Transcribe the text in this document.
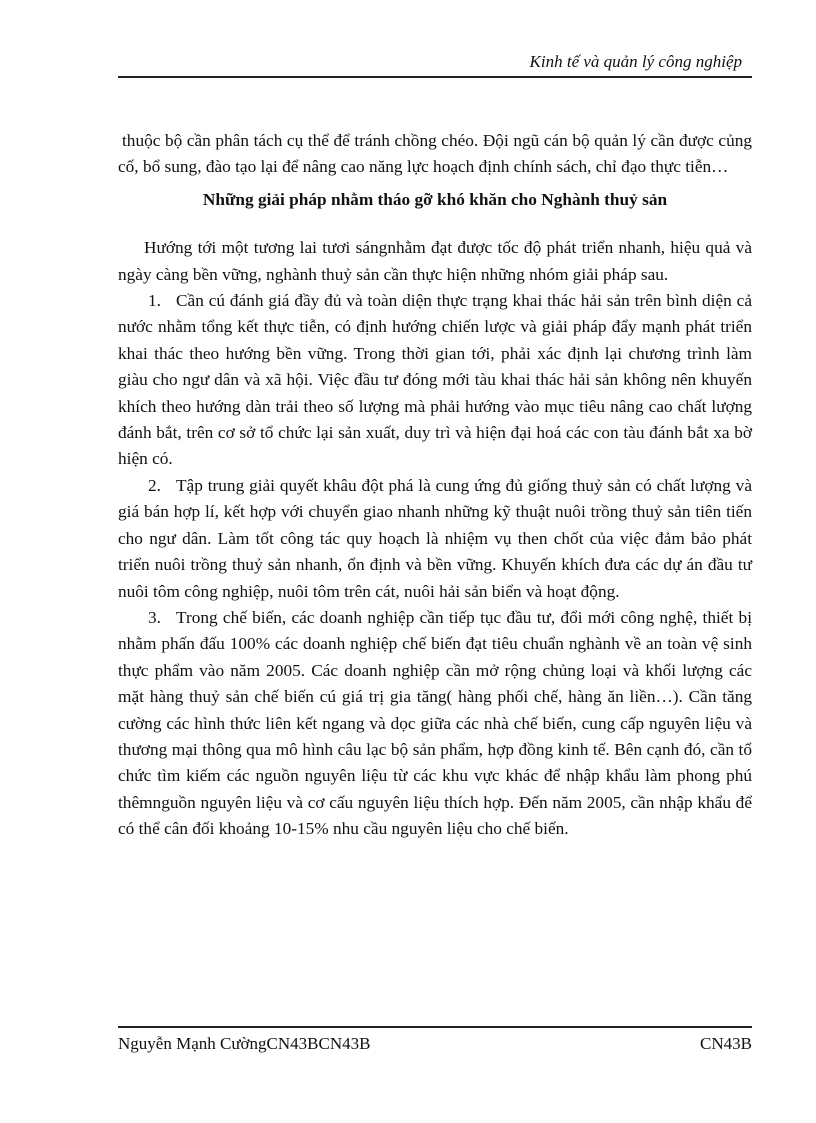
Kinh tế và quản lý công nghiệp

thuộc bộ cần phân tách cụ thể để tránh chồng chéo. Đội ngũ cán bộ quản lý cần được củng cố, bổ sung, đào tạo lại để nâng cao năng lực hoạch định chính sách, chỉ đạo thực tiễn…

Những giải pháp nhằm tháo gỡ khó khăn cho Nghành thuỷ sản

Hướng tới một tương lai tươi sángnhằm đạt được tốc độ phát triển nhanh, hiệu quả và ngày càng bền vững, nghành thuỷ sản cần thực hiện những nhóm giải pháp sau.

1. Cần cú đánh giá đầy đủ và toàn diện thực trạng khai thác hải sản trên bình diện cả nước nhằm tổng kết thực tiễn, có định hướng chiến lược và giải pháp đẩy mạnh phát triển khai thác theo hướng bền vững. Trong thời gian tới, phải xác định lại chương trình làm giàu cho ngư dân và xã hội. Việc đầu tư đóng mới tàu khai thác hải sản không nên khuyến khích theo hướng dàn trải theo số lượng mà phải hướng vào mục tiêu nâng cao chất lượng đánh bắt, trên cơ sở tổ chức lại sản xuất, duy trì và hiện đại hoá các con tàu đánh bắt xa bờ hiện có.

2. Tập trung giải quyết khâu đột phá là cung ứng đủ giống thuỷ sản có chất lượng và giá bán hợp lí, kết hợp với chuyển giao nhanh những kỹ thuật nuôi trồng thuỷ sản tiên tiến cho ngư dân. Làm tốt công tác quy hoạch là nhiệm vụ then chốt của việc đảm bảo phát triển nuôi trồng thuỷ sản nhanh, ổn định và bền vững. Khuyến khích đưa các dự án đầu tư nuôi tôm công nghiệp, nuôi tôm trên cát, nuôi hải sản biển và hoạt động.

3. Trong chế biến, các doanh nghiệp cần tiếp tục đầu tư, đổi mới công nghệ, thiết bị nhằm phấn đấu 100% các doanh nghiệp chế biến đạt tiêu chuẩn nghành về an toàn vệ sinh thực phẩm vào năm 2005. Các doanh nghiệp cần mở rộng chủng loại và khối lượng các mặt hàng thuỷ sản chế biến cú giá trị gia tăng( hàng phối chế, hàng ăn liền…). Cần tăng cường các hình thức liên kết ngang và dọc giữa các nhà chế biến, cung cấp nguyên liệu và thương mại thông qua mô hình câu lạc bộ sản phẩm, hợp đồng kinh tế. Bên cạnh đó, cần tổ chức tìm kiếm các nguồn nguyên liệu từ các khu vực khác để nhập khẩu làm phong phú thêmnguồn nguyên liệu và cơ cấu nguyên liệu thích hợp. Đến năm 2005, cần nhập khẩu để có thể cân đối khoảng 10-15% nhu cầu nguyên liệu cho chế biến.

Nguyễn Mạnh CườngCN43BCN43B	CN43B
